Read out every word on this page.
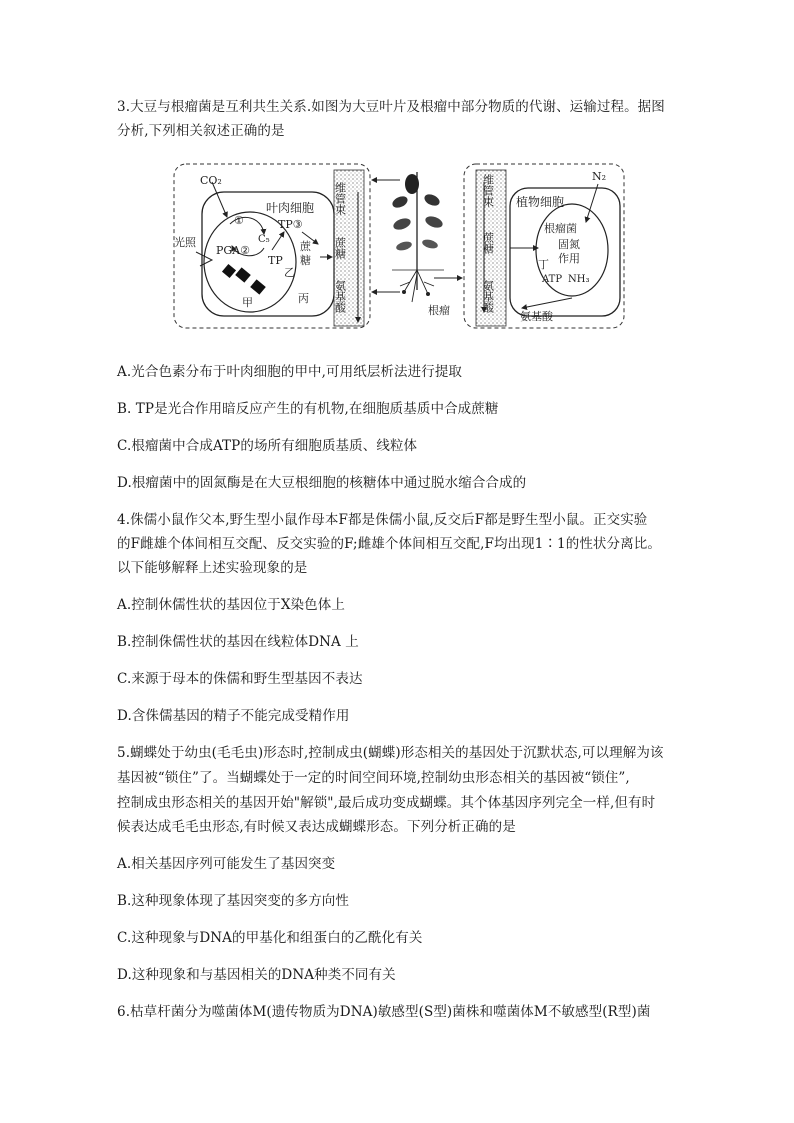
3.大豆与根瘤菌是互利共生关系.如图为大豆叶片及根瘤中部分物质的代谢、运输过程。据图
分析,下列相关叙述正确的是
CO₂
叶肉细胞
①
PGA②
C₅
TP③
TP
乙
光照
甲
蔗
糖
丙
维管束
蔗糖
氨基酸	根瘤
维管束
蔗糖
氨基酸
植物细胞
N₂
根瘤菌
固氮
作用
丁
ATP NH₃
氨基酸
A.光合色素分布于叶肉细胞的甲中,可用纸层析法进行提取
B. TP是光合作用暗反应产生的有机物,在细胞质基质中合成蔗糖
C.根瘤菌中合成ATP的场所有细胞质基质、线粒体
D.根瘤菌中的固氮酶是在大豆根细胞的核糖体中通过脱水缩合合成的
4.侏儒小鼠作父本,野生型小鼠作母本F都是侏儒小鼠,反交后F都是野生型小鼠。正交实验
的F雌雄个体间相互交配、反交实验的F;雌雄个体间相互交配,F均出现1∶1的性状分离比。
以下能够解释上述实验现象的是
A.控制休儒性状的基因位于X染色体上
B.控制侏儒性状的基因在线粒体DNA 上
C.来源于母本的侏儒和野生型基因不表达
D.含侏儒基因的精子不能完成受精作用
5.蝴蝶处于幼虫(毛毛虫)形态时,控制成虫(蝴蝶)形态相关的基因处于沉默状态,可以理解为该
基因被“锁住”了。当蝴蝶处于一定的时间空间环境,控制幼虫形态相关的基因被“锁住”,
控制成虫形态相关的基因开始"解锁",最后成功变成蝴蝶。其个体基因序列完全一样,但有时
候表达成毛毛虫形态,有时候又表达成蝴蝶形态。下列分析正确的是
A.相关基因序列可能发生了基因突变
B.这种现象体现了基因突变的多方向性
C.这种现象与DNA的甲基化和组蛋白的乙酰化有关
D.这种现象和与基因相关的DNA种类不同有关
6.枯草杆菌分为噬菌体M(遗传物质为DNA)敏感型(S型)菌株和噬菌体M不敏感型(R型)菌
